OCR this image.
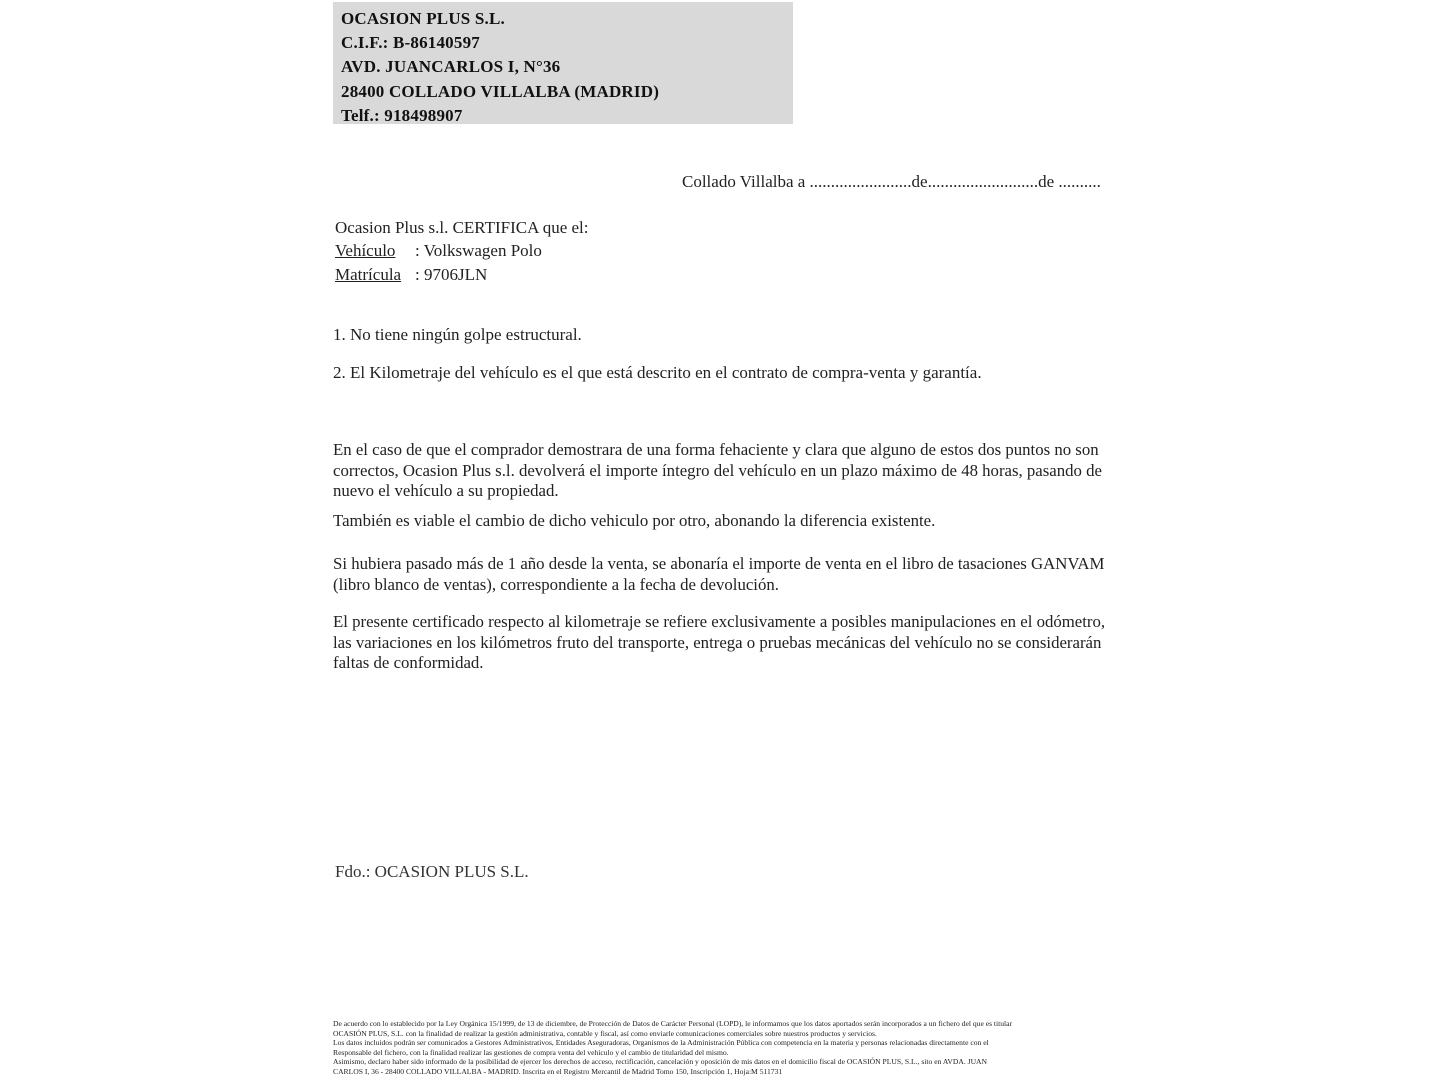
OCASION PLUS S.L.
C.I.F.: B-86140597
AVD. JUANCARLOS I, N°36
28400 COLLADO VILLALBA (MADRID)
Telf.: 918498907
Collado Villalba a ........................de..........................de ..........
Ocasion Plus s.l. CERTIFICA que el:
Vehículo : Volkswagen Polo
Matrícula : 9706JLN
1. No tiene ningún golpe estructural.
2. El Kilometraje del vehículo es el que está descrito en el contrato de compra-venta y garantía.

En el caso de que el comprador demostrara de una forma fehaciente y clara que alguno de estos dos puntos no son correctos, Ocasion Plus s.l. devolverá el importe íntegro del vehículo en un plazo máximo de 48 horas, pasando de nuevo el vehículo a su propiedad.

También es viable el cambio de dicho vehiculo por otro, abonando la diferencia existente.

Si hubiera pasado más de 1 año desde la venta, se abonaría el importe de venta en el libro de tasaciones GANVAM (libro blanco de ventas), correspondiente a la fecha de devolución.

El presente certificado respecto al kilometraje se refiere exclusivamente a posibles manipulaciones en el odómetro, las variaciones en los kilómetros fruto del transporte, entrega o pruebas mecánicas del vehículo no se considerarán faltas de conformidad.

Fdo.: OCASION PLUS S.L.
De acuerdo con lo establecido por la Ley Orgánica 15/1999, de 13 de diciembre, de Protección de Datos de Carácter Personal (LOPD), le informamos que los datos aportados serán incorporados a un fichero del que es titular
OCASIÓN PLUS, S.L. con la finalidad de realizar la gestión administrativa, contable y fiscal, así como enviarle comunicaciones comerciales sobre nuestros productos y servicios.
Los datos incluidos podrán ser comunicados a Gestores Administrativos, Entidades Aseguradoras, Organismos de la Administración Pública con competencia en la materia y personas relacionadas directamente con el
Responsable del fichero, con la finalidad realizar las gestiones de compra venta del vehículo y el cambio de titularidad del mismo.
Asimismo, declaro haber sido informado de la posibilidad de ejercer los derechos de acceso, rectificación, cancelación y oposición de mis datos en el domicilio fiscal de OCASIÓN PLUS, S.L., sito en AVDA. JUAN
CARLOS I, 36 - 28400 COLLADO VILLALBA - MADRID. Inscrita en el Registro Mercantil de Madrid Tomo 150, Inscripción 1, Hoja:M 511731
